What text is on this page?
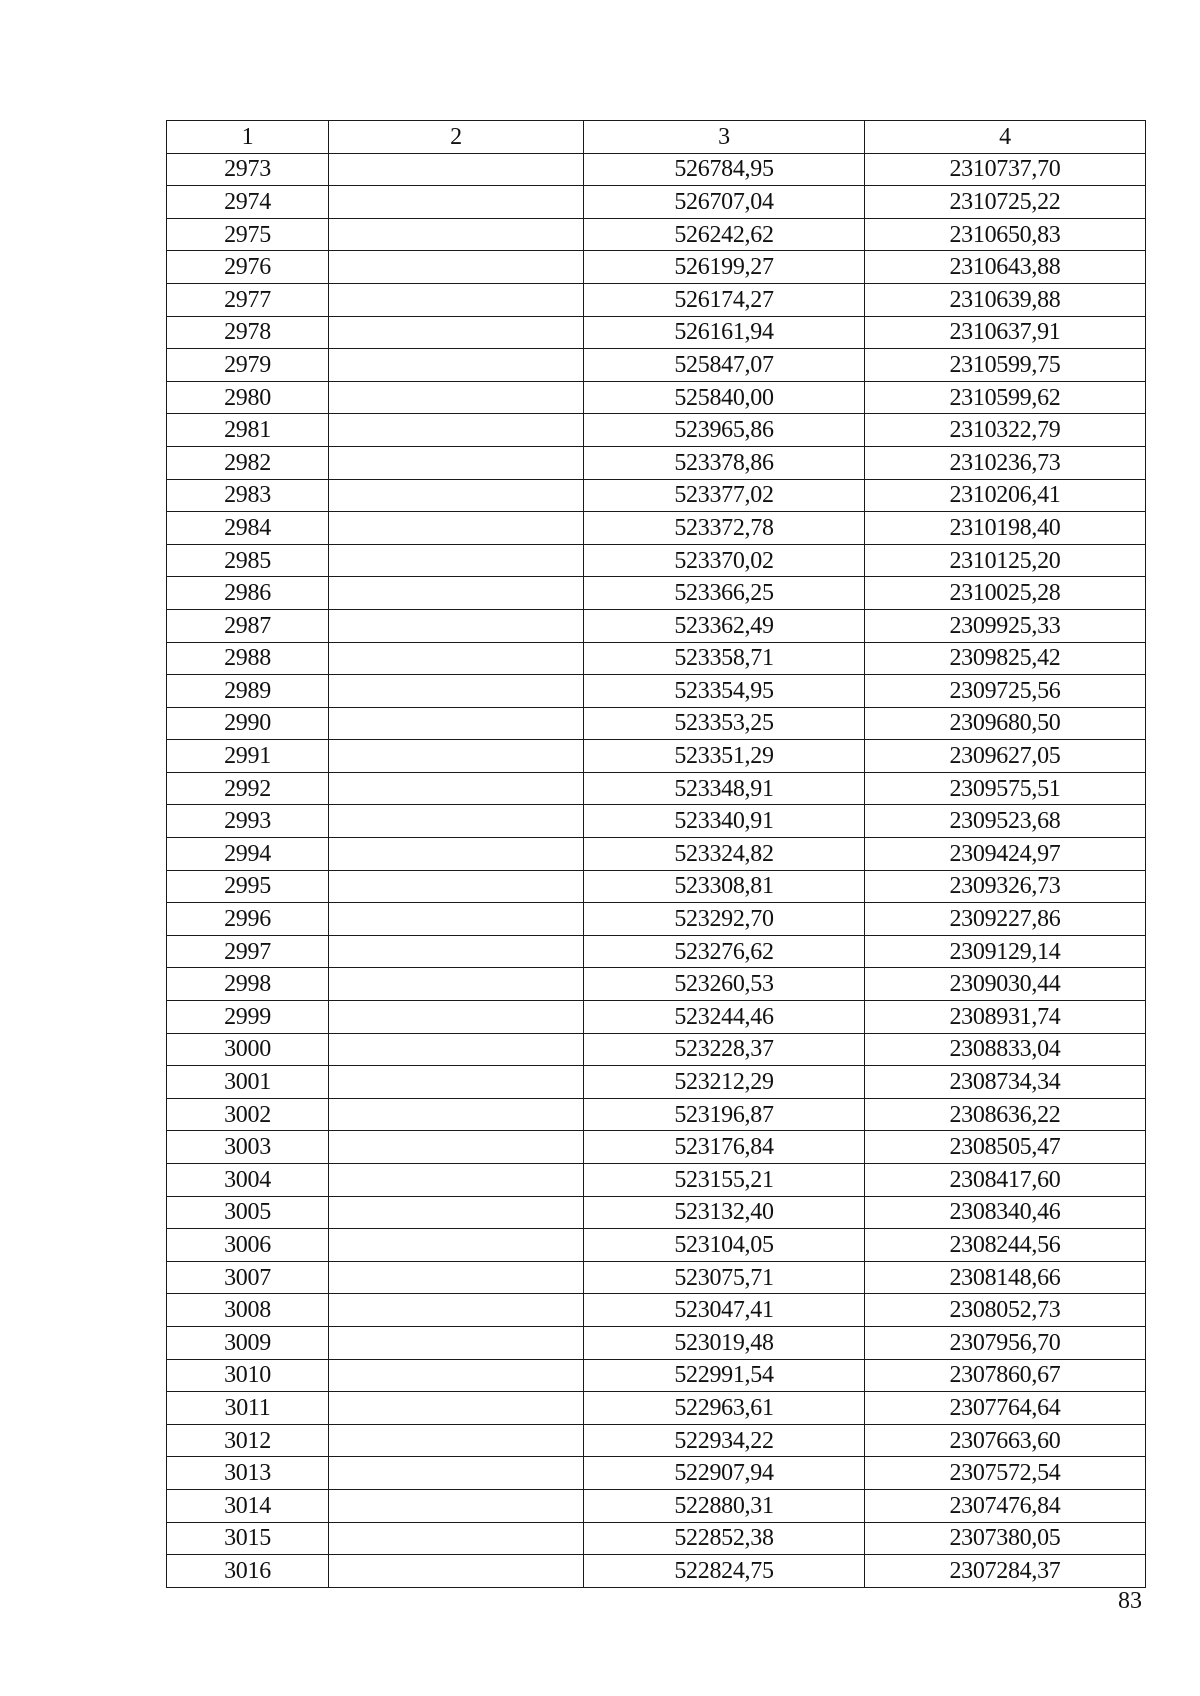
1	2	3	4
2973		526784,95	2310737,70
2974		526707,04	2310725,22
2975		526242,62	2310650,83
2976		526199,27	2310643,88
2977		526174,27	2310639,88
2978		526161,94	2310637,91
2979		525847,07	2310599,75
2980		525840,00	2310599,62
2981		523965,86	2310322,79
2982		523378,86	2310236,73
2983		523377,02	2310206,41
2984		523372,78	2310198,40
2985		523370,02	2310125,20
2986		523366,25	2310025,28
2987		523362,49	2309925,33
2988		523358,71	2309825,42
2989		523354,95	2309725,56
2990		523353,25	2309680,50
2991		523351,29	2309627,05
2992		523348,91	2309575,51
2993		523340,91	2309523,68
2994		523324,82	2309424,97
2995		523308,81	2309326,73
2996		523292,70	2309227,86
2997		523276,62	2309129,14
2998		523260,53	2309030,44
2999		523244,46	2308931,74
3000		523228,37	2308833,04
3001		523212,29	2308734,34
3002		523196,87	2308636,22
3003		523176,84	2308505,47
3004		523155,21	2308417,60
3005		523132,40	2308340,46
3006		523104,05	2308244,56
3007		523075,71	2308148,66
3008		523047,41	2308052,73
3009		523019,48	2307956,70
3010		522991,54	2307860,67
3011		522963,61	2307764,64
3012		522934,22	2307663,60
3013		522907,94	2307572,54
3014		522880,31	2307476,84
3015		522852,38	2307380,05
3016		522824,75	2307284,37
83
